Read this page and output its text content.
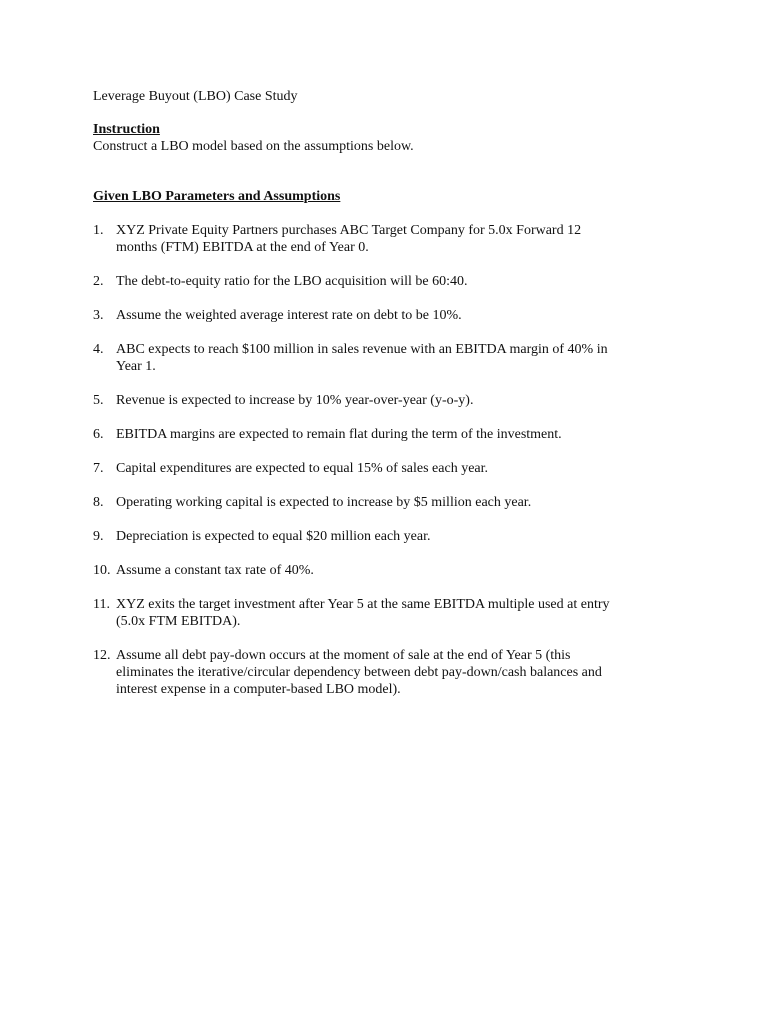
Leverage Buyout (LBO) Case Study

Instruction

Construct a LBO model based on the assumptions below.

Given LBO Parameters and Assumptions

1. XYZ Private Equity Partners purchases ABC Target Company for 5.0x Forward 12
months (FTM) EBITDA at the end of Year 0.
2. The debt-to-equity ratio for the LBO acquisition will be 60:40.
3. Assume the weighted average interest rate on debt to be 10%.
4. ABC expects to reach $100 million in sales revenue with an EBITDA margin of 40% in
Year 1.
5. Revenue is expected to increase by 10% year-over-year (y-o-y).
6. EBITDA margins are expected to remain flat during the term of the investment.
7. Capital expenditures are expected to equal 15% of sales each year.
8. Operating working capital is expected to increase by $5 million each year.
9. Depreciation is expected to equal $20 million each year.
10. Assume a constant tax rate of 40%.
11. XYZ exits the target investment after Year 5 at the same EBITDA multiple used at entry
(5.0x FTM EBITDA).
12. Assume all debt pay-down occurs at the moment of sale at the end of Year 5 (this
eliminates the iterative/circular dependency between debt pay-down/cash balances and
interest expense in a computer-based LBO model).
